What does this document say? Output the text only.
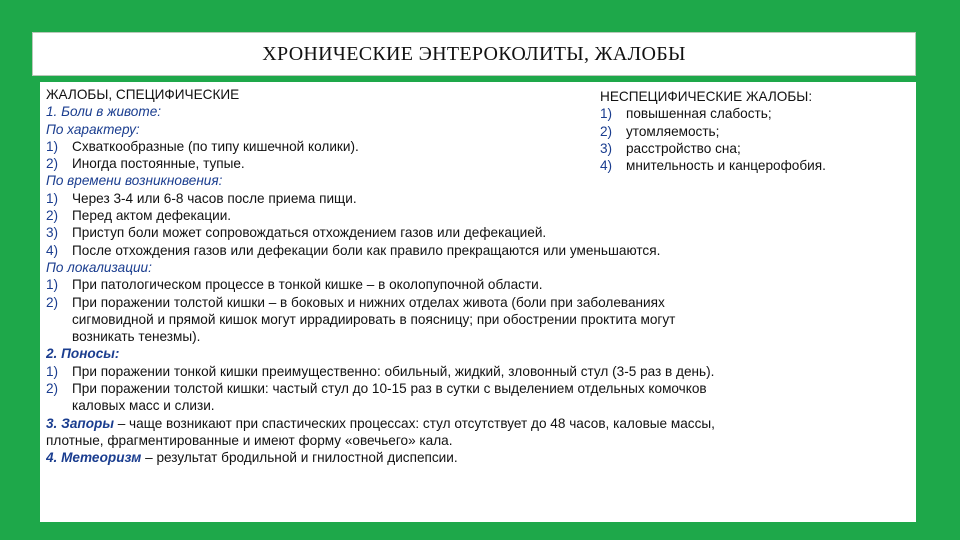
ХРОНИЧЕСКИЕ ЭНТЕРОКОЛИТЫ, ЖАЛОБЫ
ЖАЛОБЫ, СПЕЦИФИЧЕСКИЕ
1. Боли в животе:
По характеру:
1) Схваткообразные (по типу кишечной колики).
2) Иногда постоянные, тупые.
По времени возникновения:
1) Через 3-4 или 6-8 часов после приема пищи.
2) Перед актом дефекации.
3) Приступ боли может сопровождаться отхождением газов или дефекацией.
4) После отхождения газов или дефекации боли как правило прекращаются или уменьшаются.
По локализации:
1) При патологическом процессе в тонкой кишке – в околопупочной области.
2) При поражении толстой кишки – в боковых и нижних отделах живота (боли при заболеваниях
сигмовидной и прямой кишок могут иррадиировать в поясницу; при обострении проктита могут
возникать тенезмы).
2. Поносы:
1) При поражении тонкой кишки преимущественно: обильный, жидкий, зловонный стул (3-5 раз в день).
2) При поражении толстой кишки: частый стул до 10-15 раз в сутки с выделением отдельных комочков
каловых масс и слизи.
3. Запоры – чаще возникают при спастических процессах: стул отсутствует до 48 часов, каловые массы,
плотные, фрагментированные и имеют форму «овечьего» кала.
4. Метеоризм – результат бродильной и гнилостной диспепсии.
НЕСПЕЦИФИЧЕСКИЕ ЖАЛОБЫ:
1) повышенная слабость;
2) утомляемость;
3) расстройство сна;
4) мнительность и канцерофобия.
